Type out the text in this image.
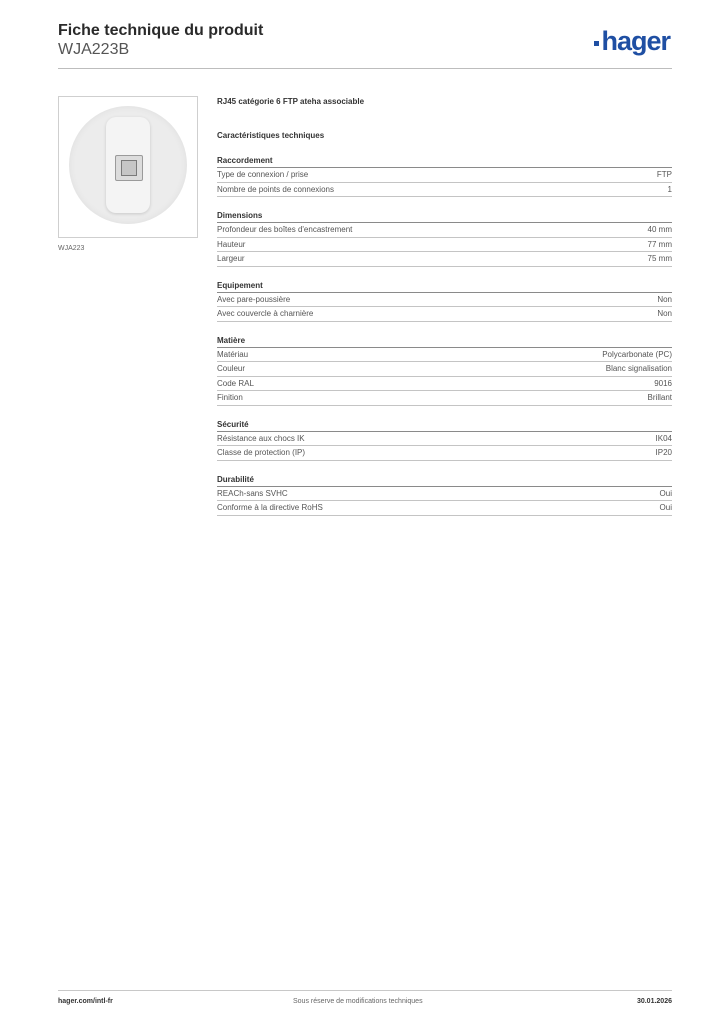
Fiche technique du produit
WJA223B	hager
WJA223
RJ45 catégorie 6 FTP ateha associable
Caractéristiques techniques
Raccordement
Type de connexion / prise	FTP
Nombre de points de connexions	1
Dimensions
Profondeur des boîtes d'encastrement	40 mm
Hauteur	77 mm
Largeur	75 mm
Equipement
Avec pare-poussière	Non
Avec couvercle à charnière	Non
Matière
Matériau	Polycarbonate (PC)
Couleur	Blanc signalisation
Code RAL	9016
Finition	Brillant
Sécurité
Résistance aux chocs IK	IK04
Classe de protection (IP)	IP20
Durabilité
REACh-sans SVHC	Oui
Conforme à la directive RoHS	Oui
hager.com/intl-fr	Sous réserve de modifications techniques	30.01.2026
